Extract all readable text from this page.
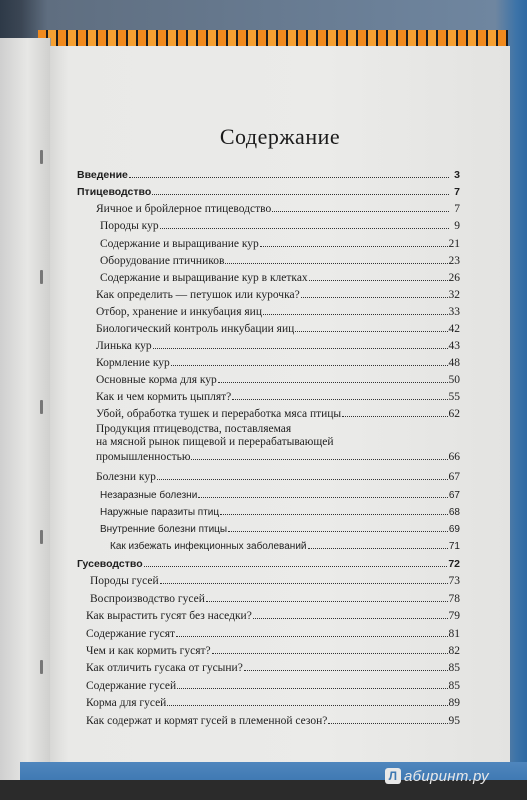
Содержание
Введение	3
Птицеводство	7
Яичное и бройлерное птицеводство	7
Породы кур	9
Содержание и выращивание кур	21
Оборудование птичников	23
Содержание и выращивание кур в клетках	26
Как определить — петушок или курочка?	32
Отбор, хранение и инкубация яиц	33
Биологический контроль инкубации яиц	42
Линька кур	43
Кормление кур	48
Основные корма для кур	50
Как и чем кормить цыплят?	55
Убой, обработка тушек и переработка мяса птицы	62
Продукция птицеводства, поставляемая
на мясной рынок пищевой и перерабатывающей
промышленностью	66
Болезни кур	67
Незаразные болезни	67
Наружные паразиты птиц	68
Внутренние болезни птицы	69
Как избежать инфекционных заболеваний	71
Гусеводство	72
Породы гусей	73
Воспроизводство гусей	78
Как вырастить гусят без наседки?	79
Содержание гусят	81
Чем и как кормить гусят?	82
Как отличить гусака от гусыни?	85
Содержание гусей	85
Корма для гусей	89
Как содержат и кормят гусей в племенной сезон?	95
Л абиринт.ру
